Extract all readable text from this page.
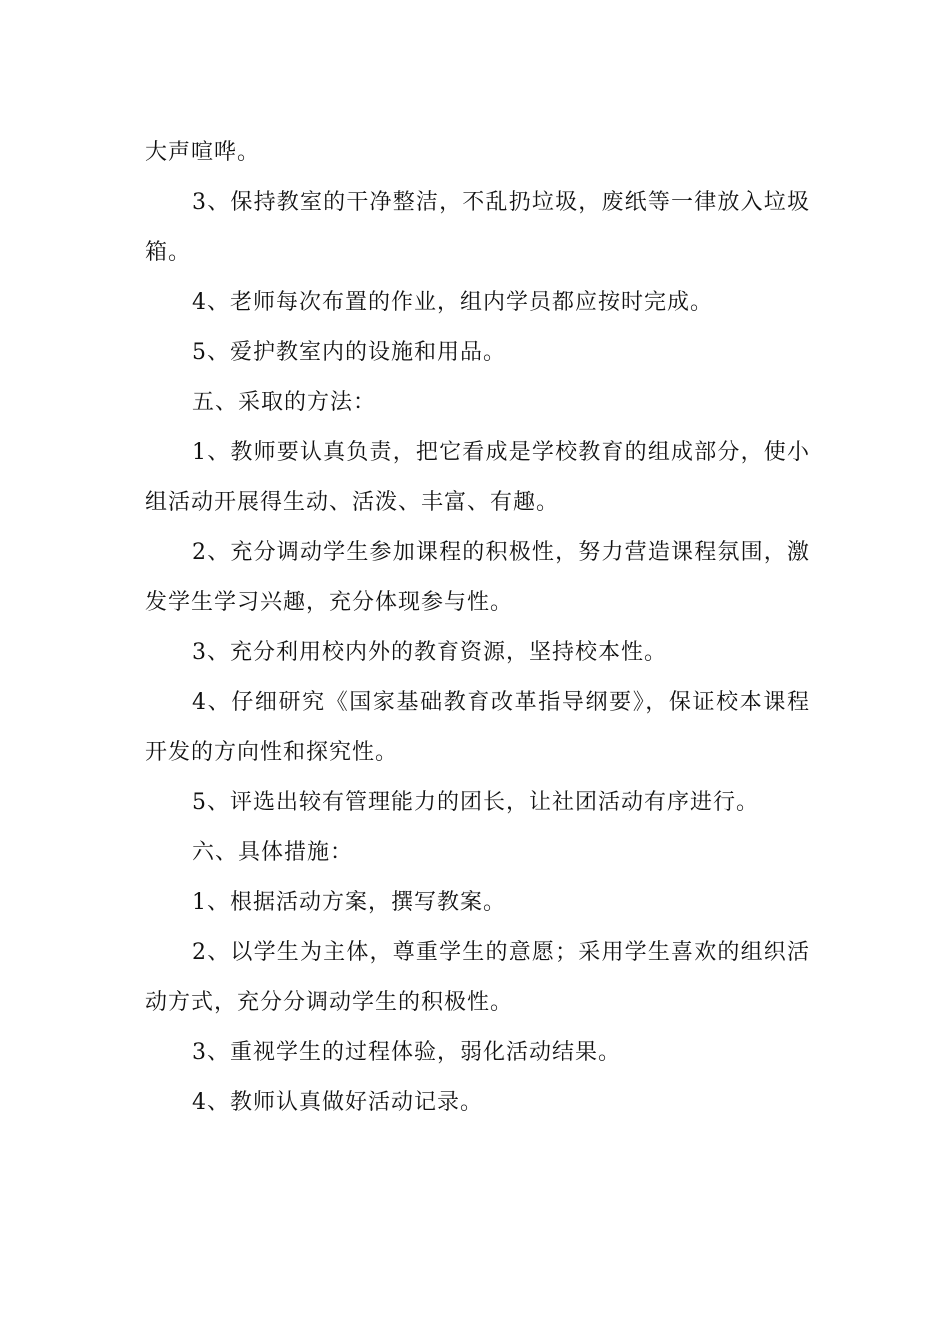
大声喧哗。

3、保持教室的干净整洁，不乱扔垃圾，废纸等一律放入垃圾箱。

4、老师每次布置的作业，组内学员都应按时完成。

5、爱护教室内的设施和用品。

五、采取的方法：

1、教师要认真负责，把它看成是学校教育的组成部分，使小组活动开展得生动、活泼、丰富、有趣。

2、充分调动学生参加课程的积极性，努力营造课程氛围，激发学生学习兴趣，充分体现参与性。

3、充分利用校内外的教育资源，坚持校本性。

4、仔细研究《国家基础教育改革指导纲要》，保证校本课程开发的方向性和探究性。

5、评选出较有管理能力的团长，让社团活动有序进行。

六、具体措施：

1、根据活动方案，撰写教案。

2、以学生为主体，尊重学生的意愿；采用学生喜欢的组织活动方式，充分分调动学生的积极性。

3、重视学生的过程体验，弱化活动结果。

4、教师认真做好活动记录。
